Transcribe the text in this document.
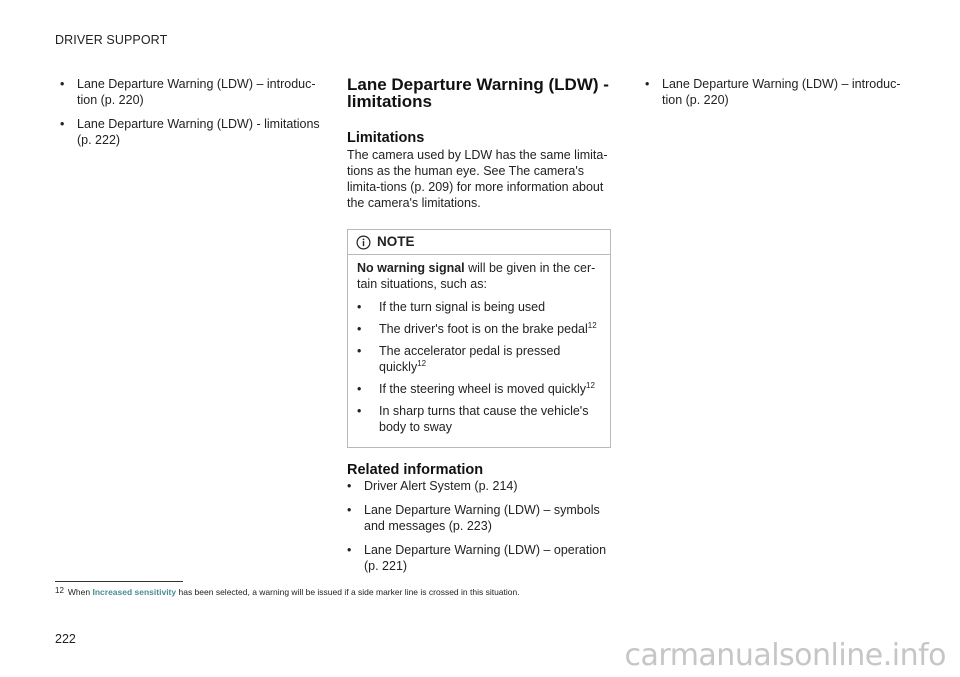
DRIVER SUPPORT
• Lane Departure Warning (LDW) – introduc-tion (p. 220)
• Lane Departure Warning (LDW) - limitations (p. 222)
Lane Departure Warning (LDW) - limitations
Limitations

The camera used by LDW has the same limita-tions as the human eye. See The camera's limita-tions (p. 209) for more information about the camera's limitations.

NOTE

No warning signal will be given in the cer-tain situations, such as:

• If the turn signal is being used
• The driver's foot is on the brake pedal$^{12}$
• The accelerator pedal is pressed quickly$^{12}$
• If the steering wheel is moved quickly$^{12}$
• In sharp turns that cause the vehicle's body to sway
Related information
• Driver Alert System (p. 214)
• Lane Departure Warning (LDW) – symbols and messages (p. 223)
• Lane Departure Warning (LDW) – operation (p. 221)
• Lane Departure Warning (LDW) – introduc-tion (p. 220)
12 When Increased sensitivity has been selected, a warning will be issued if a side marker line is crossed in this situation.
222	carmanualsonline.info
